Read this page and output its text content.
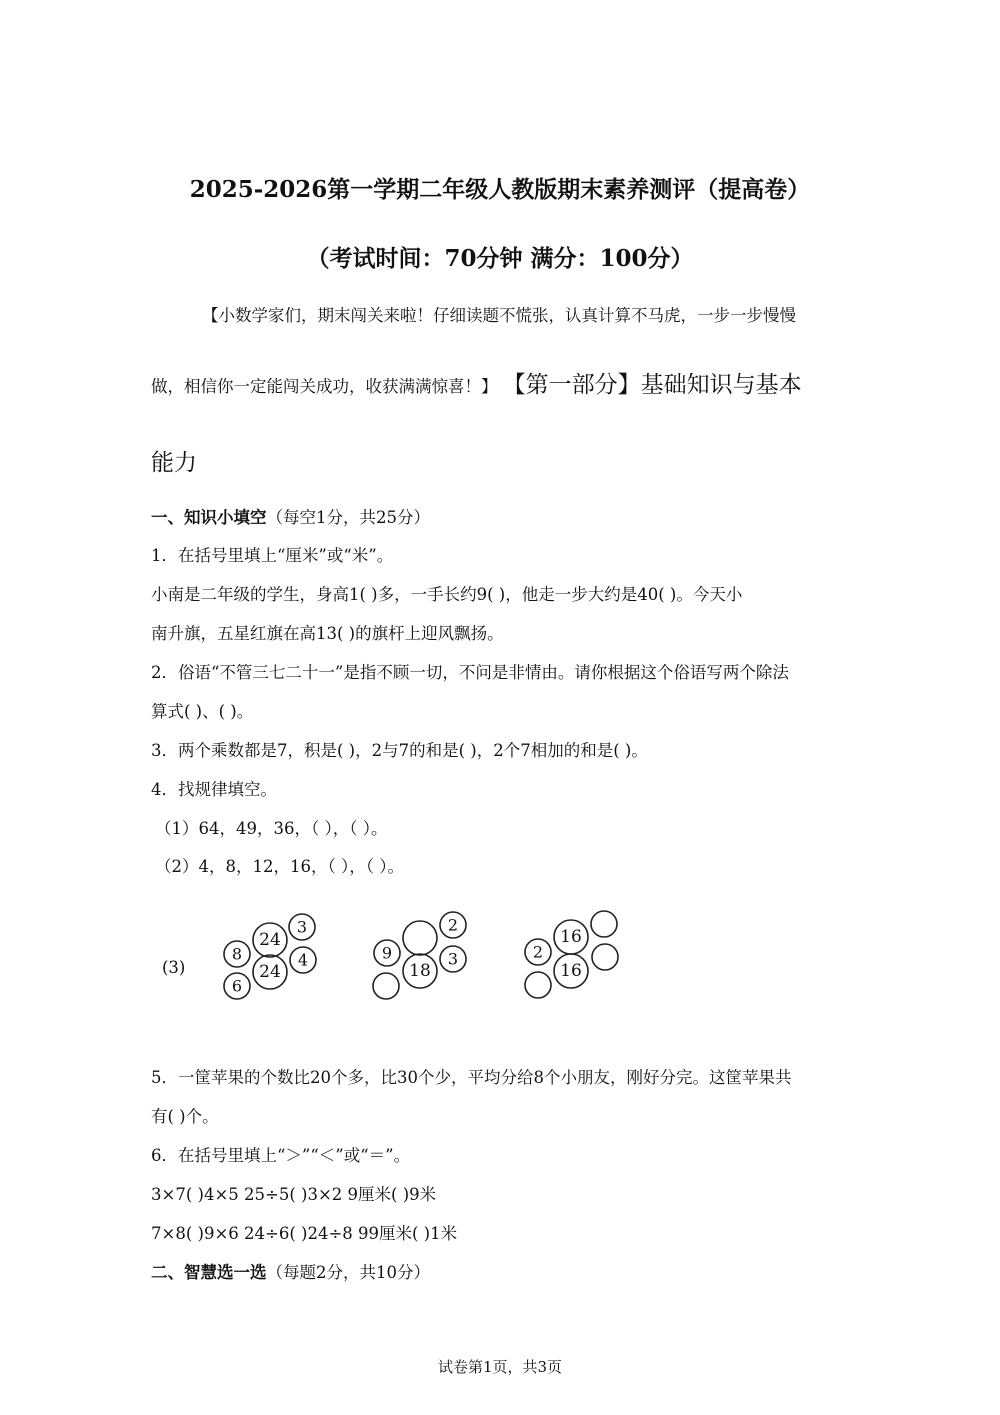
2025-2026第一学期二年级人教版期末素养测评（提高卷）
（考试时间：70分钟 满分：100分）
【小数学家们，期末闯关来啦！仔细读题不慌张，认真计算不马虎，一步一步慢慢
做，相信你一定能闯关成功，收获满满惊喜！】 【第一部分】基础知识与基本
能力
一、知识小填空（每空1分，共25分）
1．在括号里填上“厘米”或“米”。
小南是二年级的学生，身高1( )多，一手长约9( )，他走一步大约是40( )。今天小
南升旗，五星红旗在高13( )的旗杆上迎风飘扬。
2．俗语“不管三七二十一”是指不顾一切，不问是非情由。请你根据这个俗语写两个除法
算式( )、( )。
3．两个乘数都是7，积是( )，2与7的和是( )，2个7相加的和是( )。
4．找规律填空。
（1）64，49，36，（ ），（ ）。
（2）4，8，12，16，（ ），（ ）。
(3)
3
24
8
24
4
6
2
9
18
3
16
2
16
5．一筐苹果的个数比20个多，比30个少，平均分给8个小朋友，刚好分完。这筐苹果共
有( )个。
6．在括号里填上“＞”“＜”或“＝”。
3×7( )4×5 25÷5( )3×2 9厘米( )9米
7×8( )9×6 24÷6( )24÷8 99厘米( )1米
二、智慧选一选（每题2分，共10分）
试卷第1页，共3页
